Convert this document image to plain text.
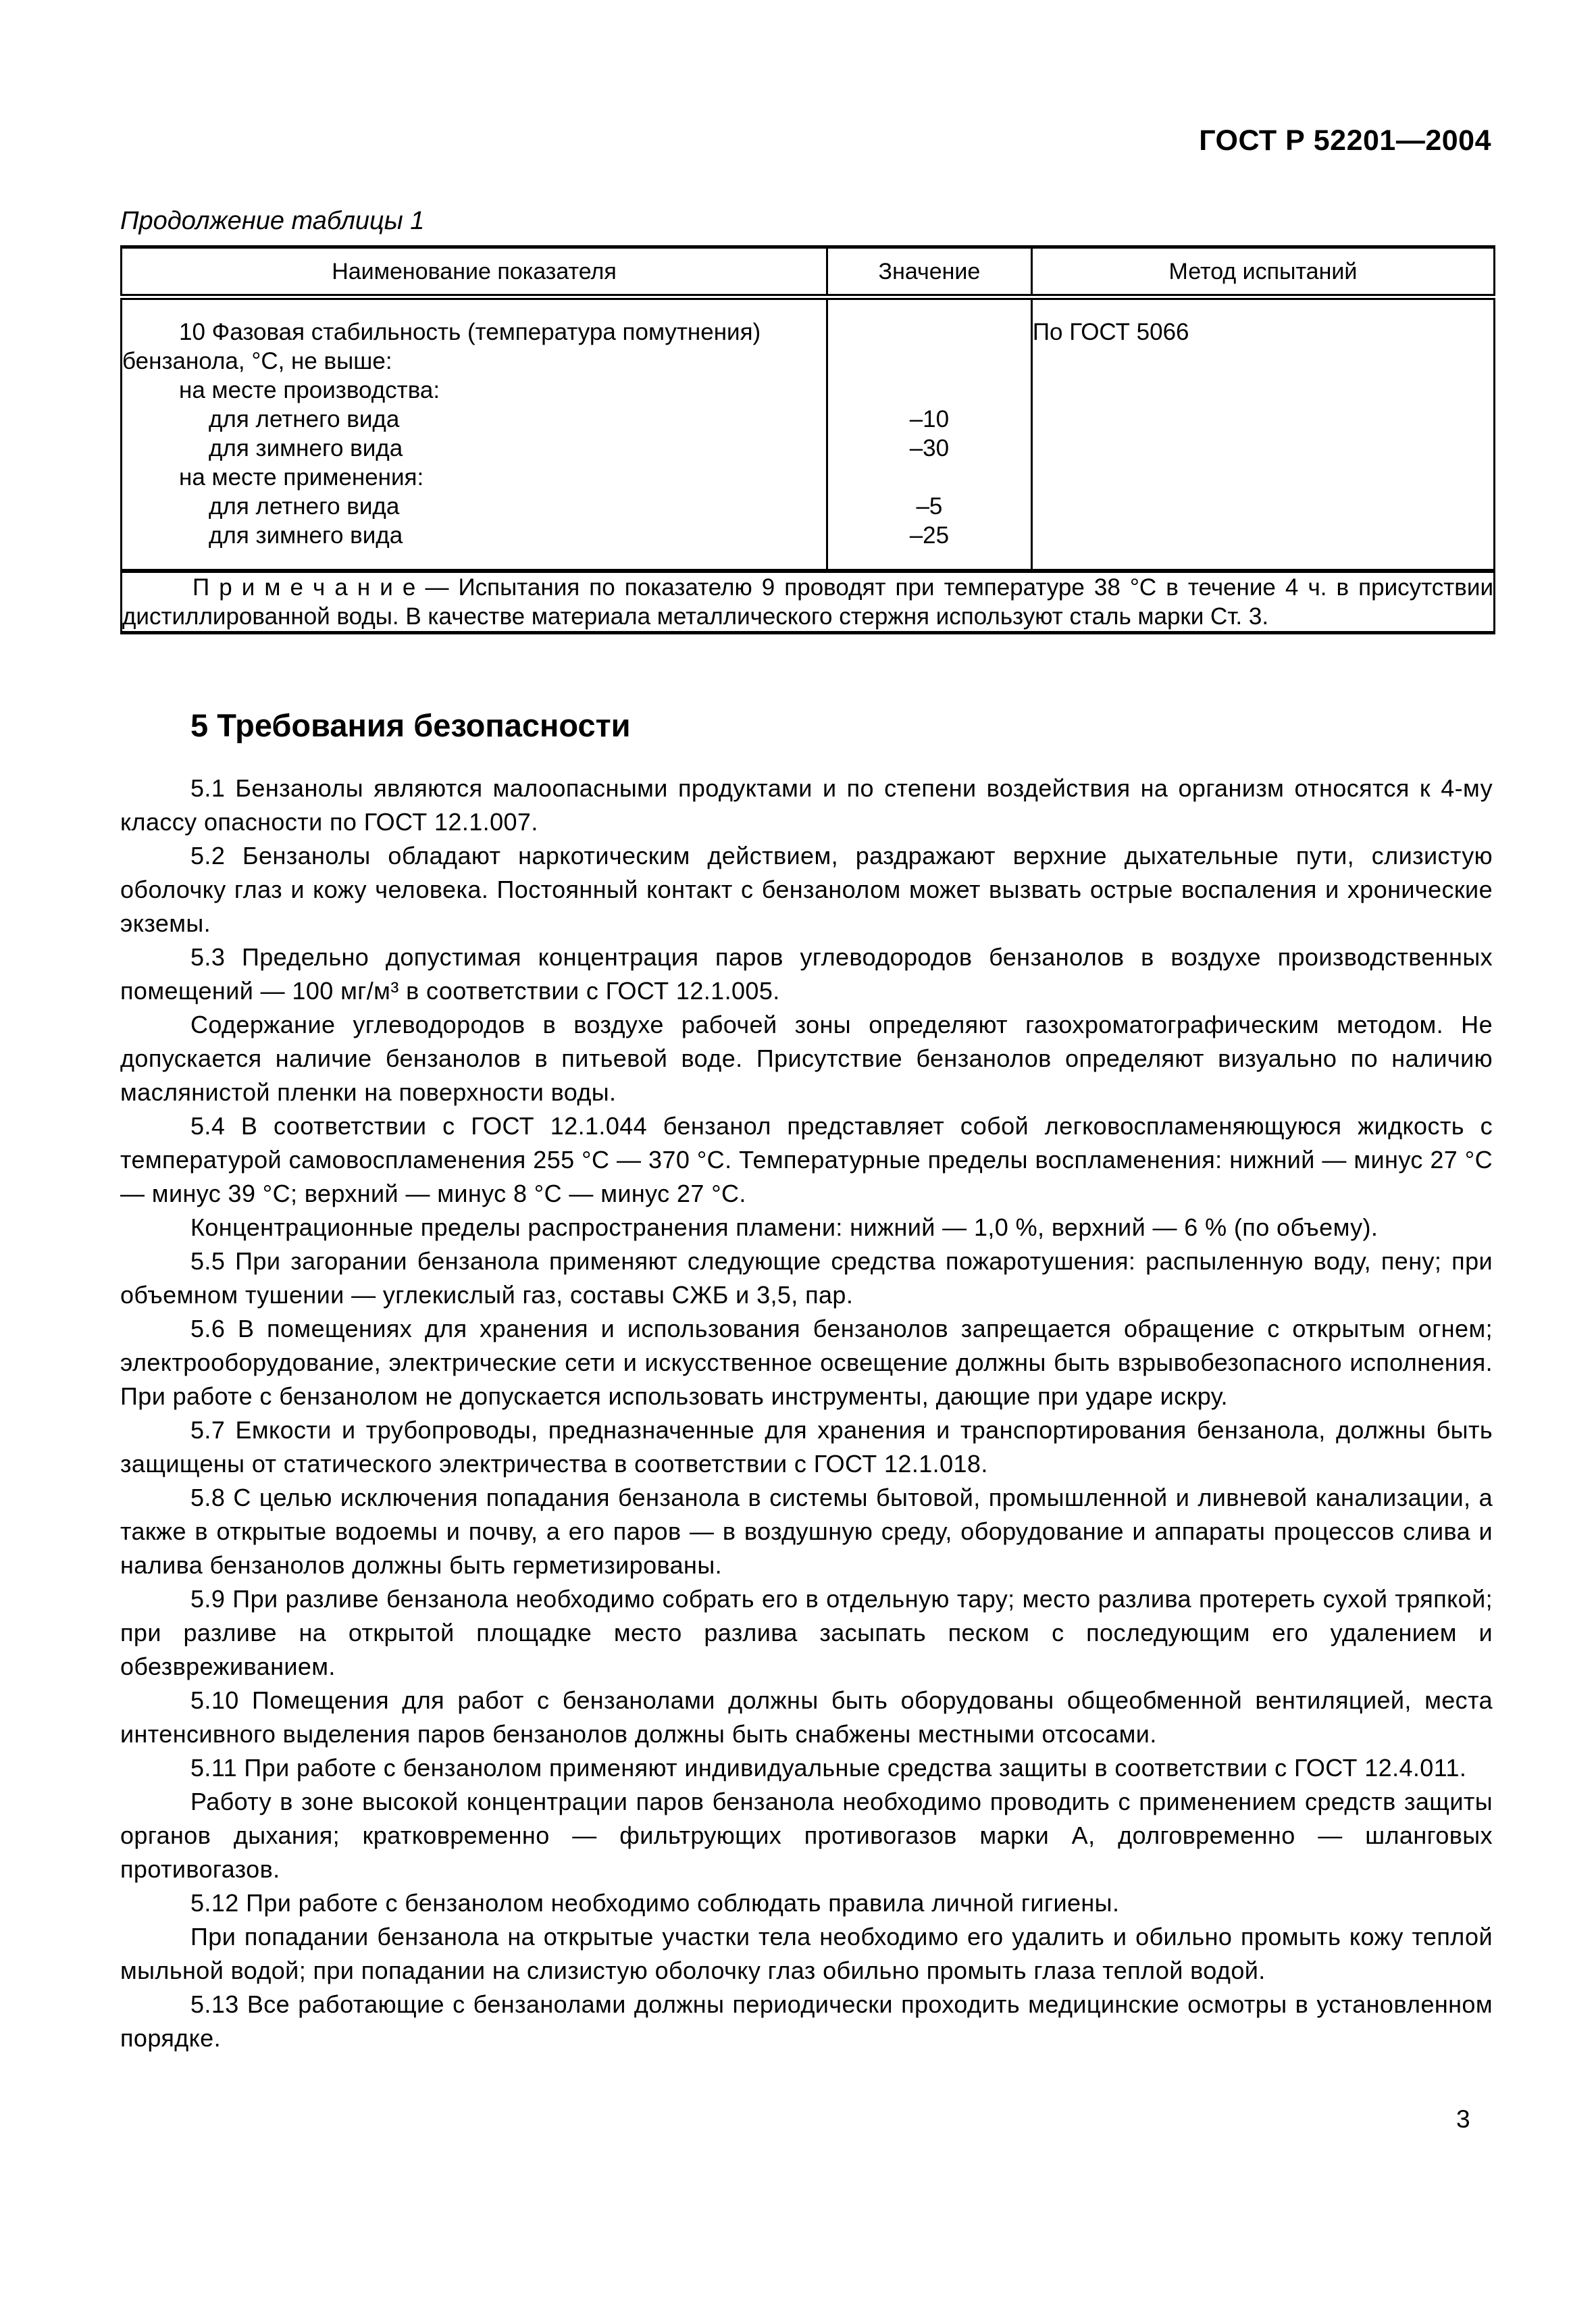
ГОСТ Р 52201—2004
Продолжение таблицы 1
Наименование показателя	Значение	Метод испытаний
10 Фазовая стабильность (температура помутнения)		По ГОСТ 5066
бензанола, °С, не выше:		
на месте производства:		
для летнего вида	–10	
для зимнего вида	–30	
на месте применения:		
для летнего вида	–5	
для зимнего вида	–25	
П р и м е ч а н и е — Испытания по показателю 9 проводят при температуре 38 °С в течение 4 ч. в присутствии дистиллированной воды. В качестве материала металлического стержня используют сталь марки Ст. 3.		
5 Требования безопасности

5.1 Бензанолы являются малоопасными продуктами и по степени воздействия на организм относятся к 4-му классу опасности по ГОСТ 12.1.007.

5.2 Бензанолы обладают наркотическим действием, раздражают верхние дыхательные пути, слизистую оболочку глаз и кожу человека. Постоянный контакт с бензанолом может вызвать острые воспаления и хронические экземы.

5.3 Предельно допустимая концентрация паров углеводородов бензанолов в воздухе производственных помещений — 100 мг/м³ в соответствии с ГОСТ 12.1.005.

Содержание углеводородов в воздухе рабочей зоны определяют газохроматографическим методом. Не допускается наличие бензанолов в питьевой воде. Присутствие бензанолов определяют визуально по наличию маслянистой пленки на поверхности воды.

5.4 В соответствии с ГОСТ 12.1.044 бензанол представляет собой легковоспламеняющуюся жидкость с температурой самовоспламенения 255 °С — 370 °С. Температурные пределы воспламенения: нижний — минус 27 °С — минус 39 °С; верхний — минус 8 °С — минус 27 °С.

Концентрационные пределы распространения пламени: нижний — 1,0 %, верхний — 6 % (по объему).

5.5 При загорании бензанола применяют следующие средства пожаротушения: распыленную воду, пену; при объемном тушении — углекислый газ, составы СЖБ и 3,5, пар.

5.6 В помещениях для хранения и использования бензанолов запрещается обращение с открытым огнем; электрооборудование, электрические сети и искусственное освещение должны быть взрывобезопасного исполнения. При работе с бензанолом не допускается использовать инструменты, дающие при ударе искру.

5.7 Емкости и трубопроводы, предназначенные для хранения и транспортирования бензанола, должны быть защищены от статического электричества в соответствии с ГОСТ 12.1.018.

5.8 С целью исключения попадания бензанола в системы бытовой, промышленной и ливневой канализации, а также в открытые водоемы и почву, а его паров — в воздушную среду, оборудование и аппараты процессов слива и налива бензанолов должны быть герметизированы.

5.9 При разливе бензанола необходимо собрать его в отдельную тару; место разлива протереть сухой тряпкой; при разливе на открытой площадке место разлива засыпать песком с последующим его удалением и обезвреживанием.

5.10 Помещения для работ с бензанолами должны быть оборудованы общеобменной вентиляцией, места интенсивного выделения паров бензанолов должны быть снабжены местными отсосами.

5.11 При работе с бензанолом применяют индивидуальные средства защиты в соответствии с ГОСТ 12.4.011.

Работу в зоне высокой концентрации паров бензанола необходимо проводить с применением средств защиты органов дыхания; кратковременно — фильтрующих противогазов марки А, долговременно — шланговых противогазов.

5.12 При работе с бензанолом необходимо соблюдать правила личной гигиены.

При попадании бензанола на открытые участки тела необходимо его удалить и обильно промыть кожу теплой мыльной водой; при попадании на слизистую оболочку глаз обильно промыть глаза теплой водой.

5.13 Все работающие с бензанолами должны периодически проходить медицинские осмотры в установленном порядке.

3
